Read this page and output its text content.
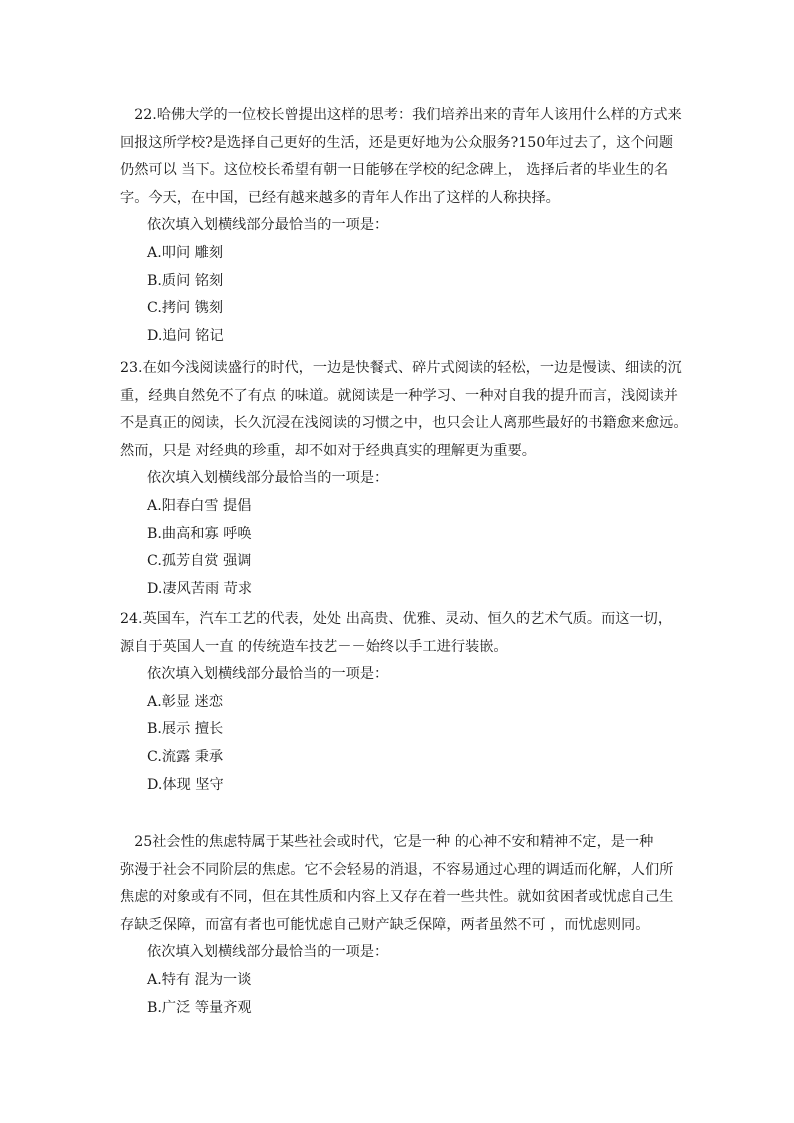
　22.哈佛大学的一位校长曾提出这样的思考：我们培养出来的青年人该用什么样的方式来
回报这所学校?是选择自己更好的生活，还是更好地为公众服务?150年过去了，这个问题
仍然可以 当下。这位校长希望有朝一日能够在学校的纪念碑上， 选择后者的毕业生的名
字。今天，在中国，已经有越来越多的青年人作出了这样的人称抉择。
依次填入划横线部分最恰当的一项是：
A.叩问 雕刻
B.质问 铭刻
C.拷问 镌刻
D.追问 铭记
23.在如今浅阅读盛行的时代，一边是快餐式、碎片式阅读的轻松，一边是慢读、细读的沉
重，经典自然免不了有点 的味道。就阅读是一种学习、一种对自我的提升而言，浅阅读并
不是真正的阅读，长久沉浸在浅阅读的习惯之中，也只会让人离那些最好的书籍愈来愈远。
然而，只是 对经典的珍重，却不如对于经典真实的理解更为重要。
依次填入划横线部分最恰当的一项是：
A.阳春白雪 提倡
B.曲高和寡 呼唤
C.孤芳自赏 强调
D.凄风苦雨 苛求
24.英国车，汽车工艺的代表，处处 出高贵、优雅、灵动、恒久的艺术气质。而这一切，
源自于英国人一直 的传统造车技艺－－始终以手工进行装嵌。
依次填入划横线部分最恰当的一项是：
A.彰显 迷恋
B.展示 擅长
C.流露 秉承
D.体现 坚守
　25社会性的焦虑特属于某些社会或时代，它是一种 的心神不安和精神不定，是一种
弥漫于社会不同阶层的焦虑。它不会轻易的消退，不容易通过心理的调适而化解，人们所
焦虑的对象或有不同，但在其性质和内容上又存在着一些共性。就如贫困者或忧虑自己生
存缺乏保障，而富有者也可能忧虑自己财产缺乏保障，两者虽然不可 ，而忧虑则同。
依次填入划横线部分最恰当的一项是：
A.特有 混为一谈
B.广泛 等量齐观
